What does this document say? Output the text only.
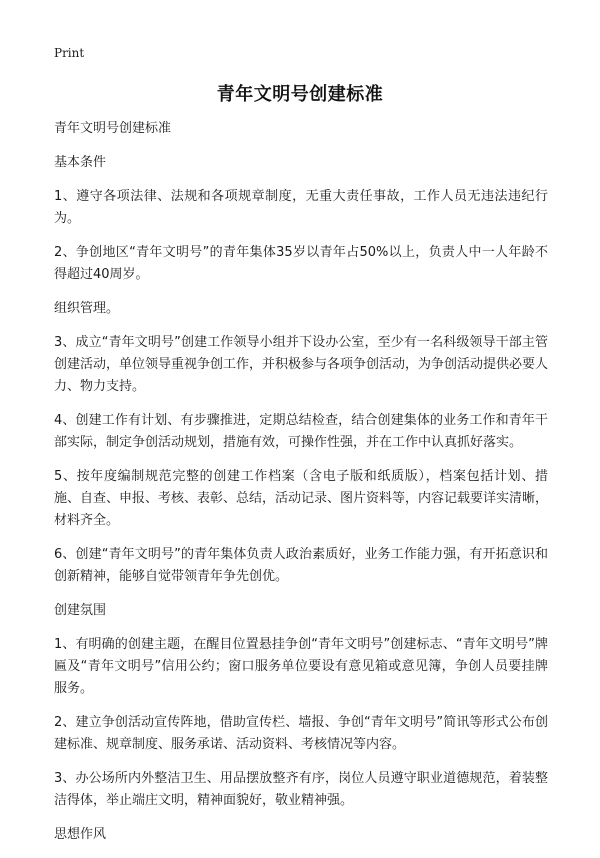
Print
青年文明号创建标准

青年文明号创建标准

基本条件

1、遵守各项法律、法规和各项规章制度，无重大责任事故，工作人员无违法违纪行为。

2、争创地区“青年文明号”的青年集体35岁以青年占50%以上，负责人中一人年龄不得超过40周岁。

组织管理。

3、成立“青年文明号”创建工作领导小组并下设办公室，至少有一名科级领导干部主管创建活动，单位领导重视争创工作，并积极参与各项争创活动，为争创活动提供必要人力、物力支持。

4、创建工作有计划、有步骤推进，定期总结检查，结合创建集体的业务工作和青年干部实际，制定争创活动规划，措施有效，可操作性强，并在工作中认真抓好落实。

5、按年度编制规范完整的创建工作档案（含电子版和纸质版），档案包括计划、措施、自查、申报、考核、表彰、总结，活动记录、图片资料等，内容记载要详实清晰，材料齐全。

6、创建“青年文明号”的青年集体负责人政治素质好，业务工作能力强，有开拓意识和创新精神，能够自觉带领青年争先创优。

创建氛围

1、有明确的创建主题，在醒目位置悬挂争创“青年文明号”创建标志、“青年文明号”牌匾及“青年文明号”信用公约；窗口服务单位要设有意见箱或意见簿，争创人员要挂牌服务。

2、建立争创活动宣传阵地，借助宣传栏、墙报、争创“青年文明号”简讯等形式公布创建标准、规章制度、服务承诺、活动资料、考核情况等内容。

3、办公场所内外整洁卫生、用品摆放整齐有序，岗位人员遵守职业道德规范，着装整洁得体，举止端庄文明，精神面貌好，敬业精神强。

思想作风
